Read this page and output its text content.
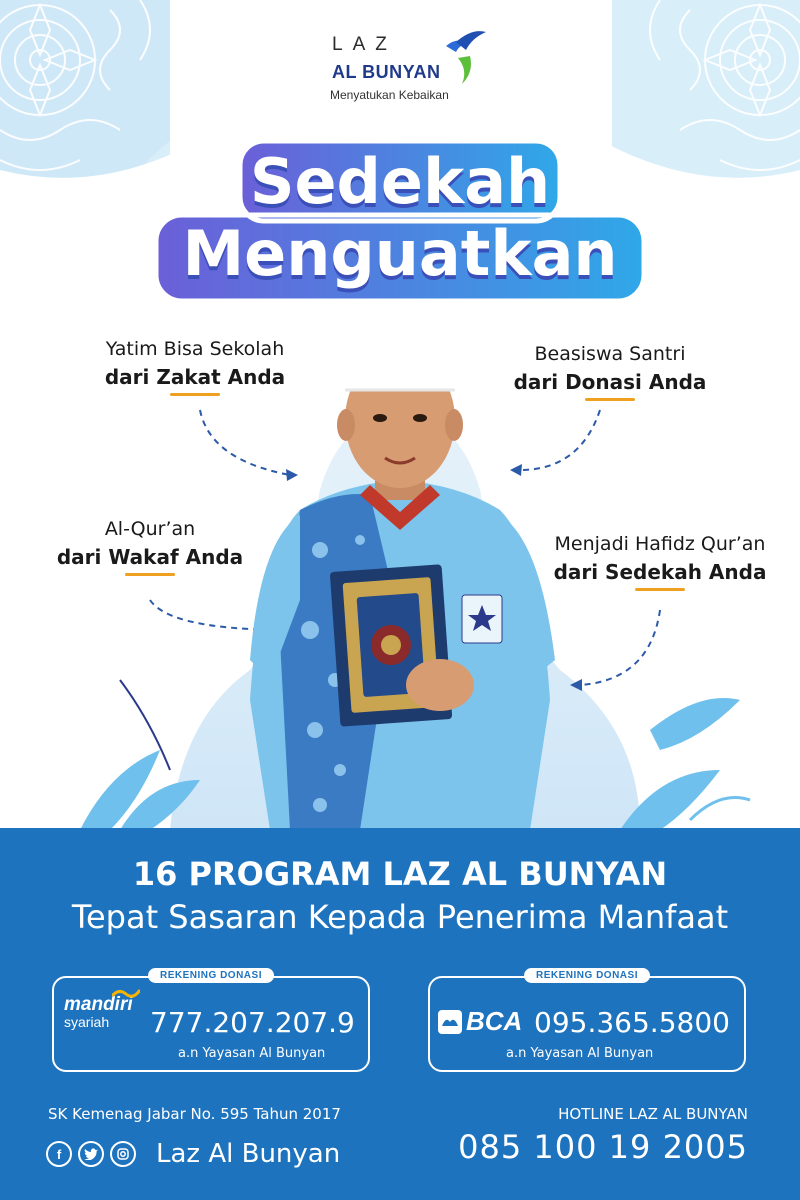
LAZ
AL BUNYAN
Menyatukan Kebaikan
Sedekah
Menguatkan
Yatim Bisa Sekolah
dari Zakat Anda
Beasiswa Santri
dari Donasi Anda
Al-Qur’an
dari Wakaf Anda
Menjadi Hafidz Qur’an
dari Sedekah Anda
16 PROGRAM LAZ AL BUNYAN
Tepat Sasaran Kepada Penerima Manfaat
REKENING DONASI
mandiri
syariah	777.207.207.9
a.n Yayasan Al Bunyan
REKENING DONASI
BCA 095.365.5800
a.n Yayasan Al Bunyan
SK Kemenag Jabar No. 595 Tahun 2017
f	Laz Al Bunyan
HOTLINE LAZ AL BUNYAN
085 100 19 2005
